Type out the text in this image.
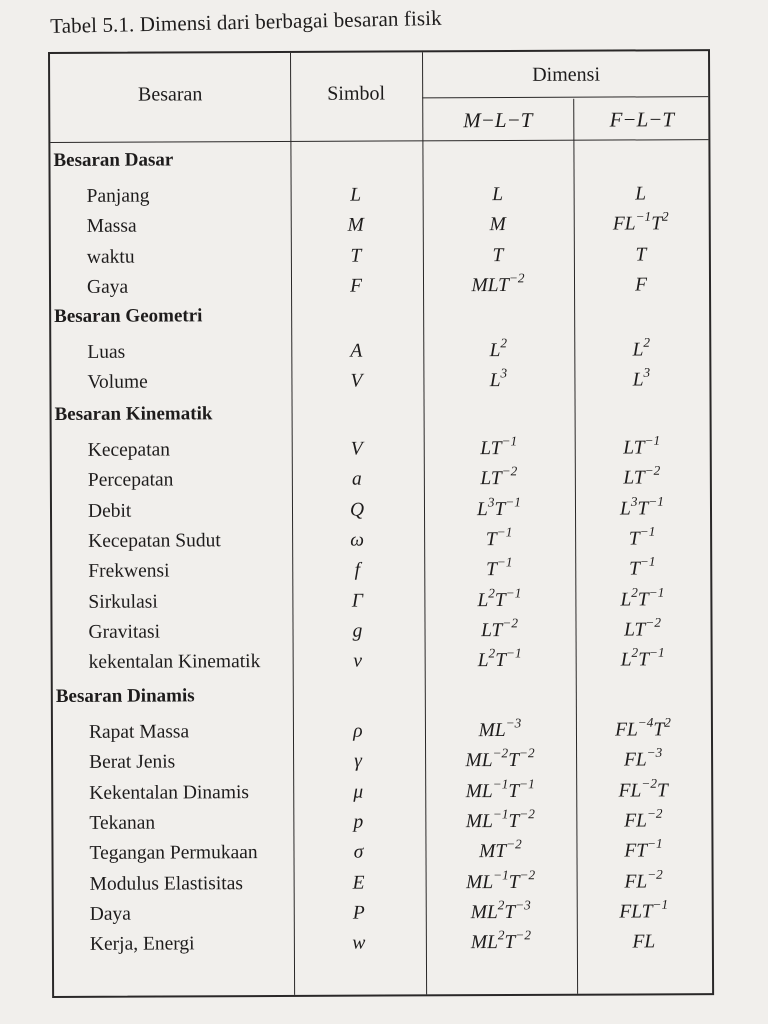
Tabel 5.1. Dimensi dari berbagai besaran fisik
Besaran	Simbol
Dimensi
M−L−T	F−L−T
Besaran Dasar
Panjang	L	L	L
Massa	M	M	$FL^{-1}T^2$
waktu	T	T	T
Gaya	F	$MLT^{-2}$	F
Besaran Geometri
Luas	A	$L^2$	$L^2$
Volume	V	$L^3$	$L^3$
Besaran Kinematik
Kecepatan	V	$LT^{-1}$	$LT^{-1}$
Percepatan	a	$LT^{-2}$	$LT^{-2}$
Debit	Q	$L^3T^{-1}$	$L^3T^{-1}$
Kecepatan Sudut	ω	$T^{-1}$	$T^{-1}$
Frekwensi	f	$T^{-1}$	$T^{-1}$
Sirkulasi	Γ	$L^2T^{-1}$	$L^2T^{-1}$
Gravitasi	g	$LT^{-2}$	$LT^{-2}$
kekentalan Kinematik	ν	$L^2T^{-1}$	$L^2T^{-1}$
Besaran Dinamis
Rapat Massa	ρ	$ML^{-3}$	$FL^{-4}T^2$
Berat Jenis	γ	$ML^{-2}T^{-2}$	$FL^{-3}$
Kekentalan Dinamis	μ	$ML^{-1}T^{-1}$	$FL^{-2}T$
Tekanan	p	$ML^{-1}T^{-2}$	$FL^{-2}$
Tegangan Permukaan	σ	$MT^{-2}$	$FT^{-1}$
Modulus Elastisitas	E	$ML^{-1}T^{-2}$	$FL^{-2}$
Daya	P	$ML^2T^{-3}$	$FLT^{-1}$
Kerja, Energi	w	$ML^2T^{-2}$	FL
